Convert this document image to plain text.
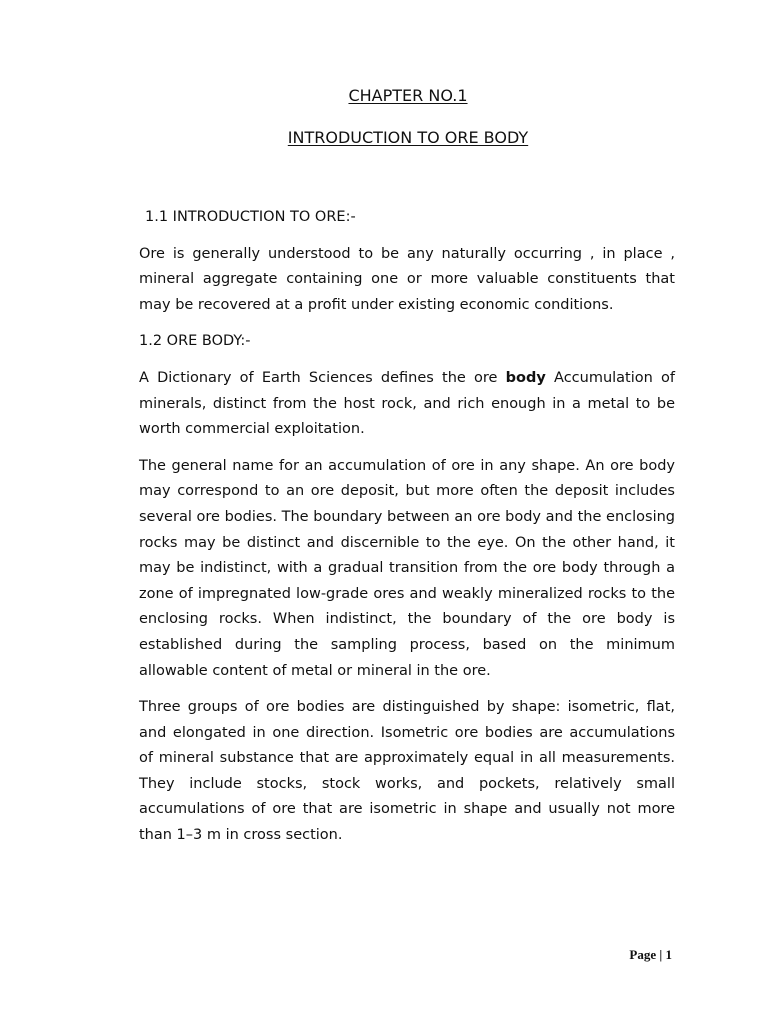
CHAPTER NO.1
INTRODUCTION TO ORE BODY
1.1 INTRODUCTION TO ORE:-

Ore is generally understood to be any naturally occurring , in place , mineral aggregate containing one or more valuable constituents that may be recovered at a profit under existing economic conditions.

1.2 ORE BODY:-

A Dictionary of Earth Sciences defines the ore body Accumulation of minerals, distinct from the host rock, and rich enough in a metal to be worth commercial exploitation.

The general name for an accumulation of ore in any shape. An ore body may correspond to an ore deposit, but more often the deposit includes several ore bodies. The boundary between an ore body and the enclosing rocks may be distinct and discernible to the eye. On the other hand, it may be indistinct, with a gradual transition from the ore body through a zone of impregnated low-grade ores and weakly mineralized rocks to the enclosing rocks. When indistinct, the boundary of the ore body is established during the sampling process, based on the minimum allowable content of metal or mineral in the ore.

Three groups of ore bodies are distinguished by shape: isometric, flat, and elongated in one direction. Isometric ore bodies are accumulations of mineral substance that are approximately equal in all measurements. They include stocks, stock works, and pockets, relatively small accumulations of ore that are isometric in shape and usually not more than 1–3 m in cross section.

Page | 1
